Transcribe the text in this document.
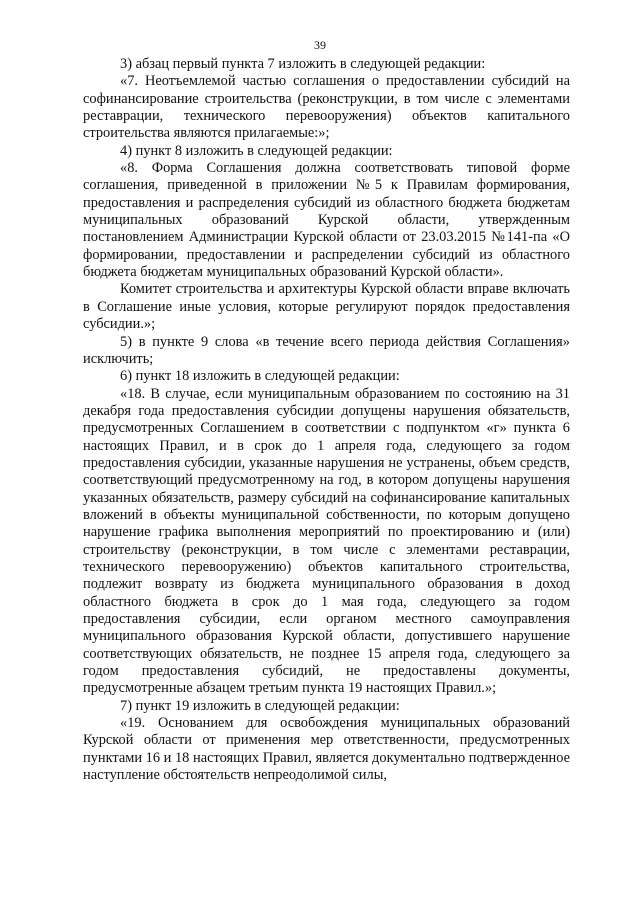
39

3) абзац первый пункта 7 изложить в следующей редакции:

«7. Неотъемлемой частью соглашения о предоставлении субсидий на софинансирование строительства (реконструкции, в том числе с элементами реставрации, технического перевооружения) объектов капитального строительства являются прилагаемые:»;

4) пункт 8 изложить в следующей редакции:

«8. Форма Соглашения должна соответствовать типовой форме соглашения, приведенной в приложении №5 к Правилам формирования, предоставления и распределения субсидий из областного бюджета бюджетам муниципальных образований Курской области, утвержденным постановлением Администрации Курской области от 23.03.2015 №141-па «О формировании, предоставлении и распределении субсидий из областного бюджета бюджетам муниципальных образований Курской области».

Комитет строительства и архитектуры Курской области вправе включать в Соглашение иные условия, которые регулируют порядок предоставления субсидии.»;

5) в пункте 9 слова «в течение всего периода действия Соглашения» исключить;

6) пункт 18 изложить в следующей редакции:

«18. В случае, если муниципальным образованием по состоянию на 31 декабря года предоставления субсидии допущены нарушения обязательств, предусмотренных Соглашением в соответствии с подпунктом «г» пункта 6 настоящих Правил, и в срок до 1 апреля года, следующего за годом предоставления субсидии, указанные нарушения не устранены, объем средств, соответствующий предусмотренному на год, в котором допущены нарушения указанных обязательств, размеру субсидий на софинансирование капитальных вложений в объекты муниципальной собственности, по которым допущено нарушение графика выполнения мероприятий по проектированию и (или) строительству (реконструкции, в том числе с элементами реставрации, технического перевооружению) объектов капитального строительства, подлежит возврату из бюджета муниципального образования в доход областного бюджета в срок до 1 мая года, следующего за годом предоставления субсидии, если органом местного самоуправления муниципального образования Курской области, допустившего нарушение соответствующих обязательств, не позднее 15 апреля года, следующего за годом предоставления субсидий, не предоставлены документы, предусмотренные абзацем третьим пункта 19 настоящих Правил.»;

7) пункт 19 изложить в следующей редакции:

«19. Основанием для освобождения муниципальных образований Курской области от применения мер ответственности, предусмотренных пунктами 16 и 18 настоящих Правил, является документально подтвержденное наступление обстоятельств непреодолимой силы,
